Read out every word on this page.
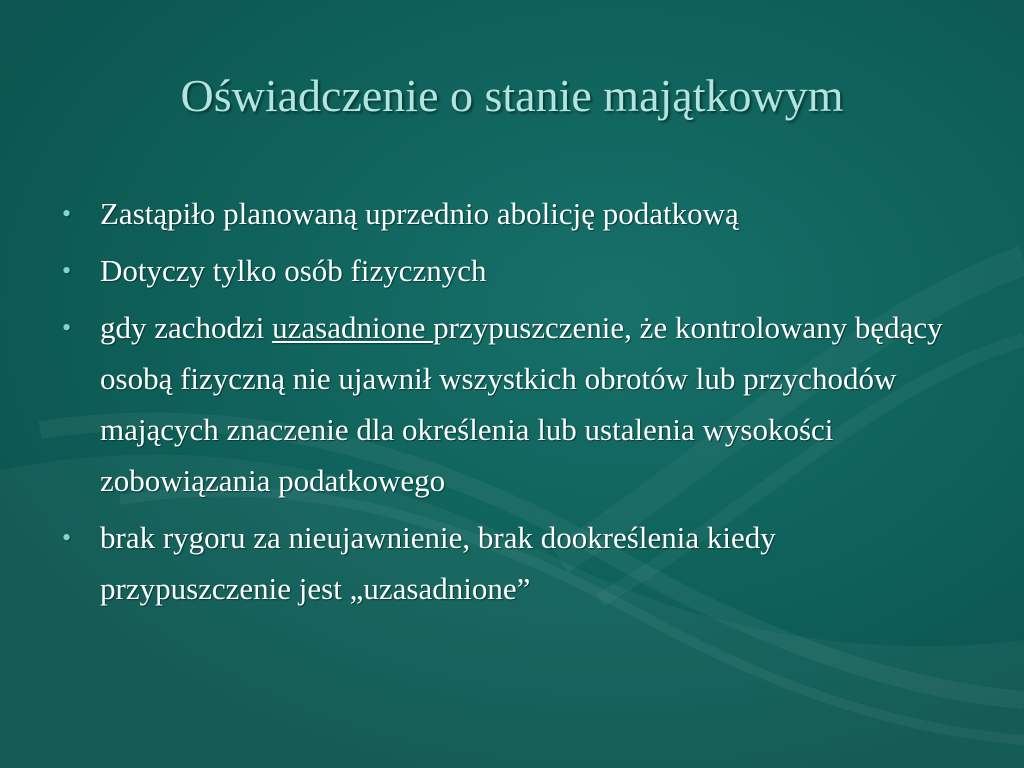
Oświadczenie o stanie majątkowym
• Zastąpiło planowaną uprzednio abolicję podatkową
• Dotyczy tylko osób fizycznych
• gdy zachodzi uzasadnione przypuszczenie, że kontrolowany będący osobą fizyczną nie ujawnił wszystkich obrotów lub przychodów mających znaczenie dla określenia lub ustalenia wysokości zobowiązania podatkowego
• brak rygoru za nieujawnienie, brak dookreślenia kiedy przypuszczenie jest „uzasadnione”
